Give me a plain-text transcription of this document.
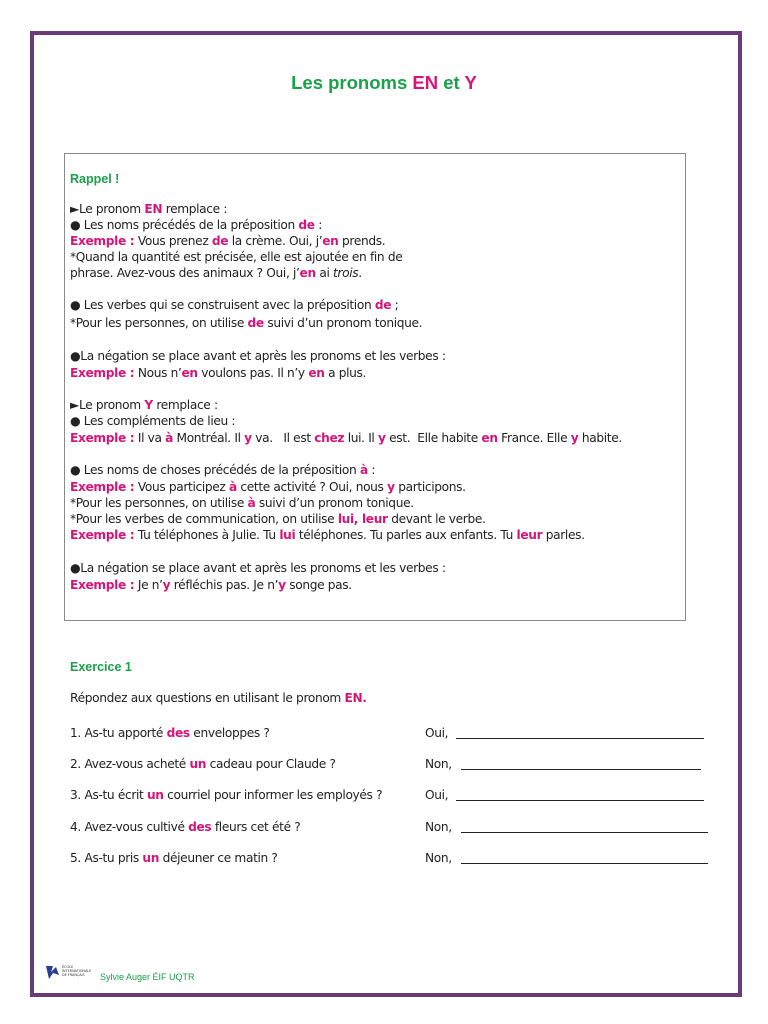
Les pronoms EN et Y
Rappel !
►Le pronom EN remplace :
● Les noms précédés de la préposition de :
Exemple : Vous prenez de la crème. Oui, j’en prends.
*Quand la quantité est précisée, elle est ajoutée en fin de
phrase. Avez-vous des animaux ? Oui, j’en ai trois.
● Les verbes qui se construisent avec la préposition de ;
*Pour les personnes, on utilise de suivi d’un pronom tonique.
●La négation se place avant et après les pronoms et les verbes :
Exemple : Nous n’en voulons pas. Il n’y en a plus.
►Le pronom Y remplace :
● Les compléments de lieu :
Exemple : Il va à Montréal. Il y va.   Il est chez lui. Il y est.  Elle habite en France. Elle y habite.
● Les noms de choses précédés de la préposition à :
Exemple : Vous participez à cette activité ? Oui, nous y participons.
*Pour les personnes, on utilise à suivi d’un pronom tonique.
*Pour les verbes de communication, on utilise lui, leur devant le verbe.
Exemple : Tu téléphones à Julie. Tu lui téléphones. Tu parles aux enfants. Tu leur parles.
●La négation se place avant et après les pronoms et les verbes :
Exemple : Je n’y réfléchis pas. Je n’y songe pas.
Exercice 1
Répondez aux questions en utilisant le pronom EN.
1. As-tu apporté des enveloppes ?	Oui,
2. Avez-vous acheté un cadeau pour Claude ?	Non,
3. As-tu écrit un courriel pour informer les employés ?	Oui,
4. Avez-vous cultivé des fleurs cet été ?	Non,
5. As-tu pris un déjeuner ce matin ?	Non,
ÉCOLE
INTERNATIONALE
DE FRANÇAIS Sylvie Auger ÉIF UQTR
